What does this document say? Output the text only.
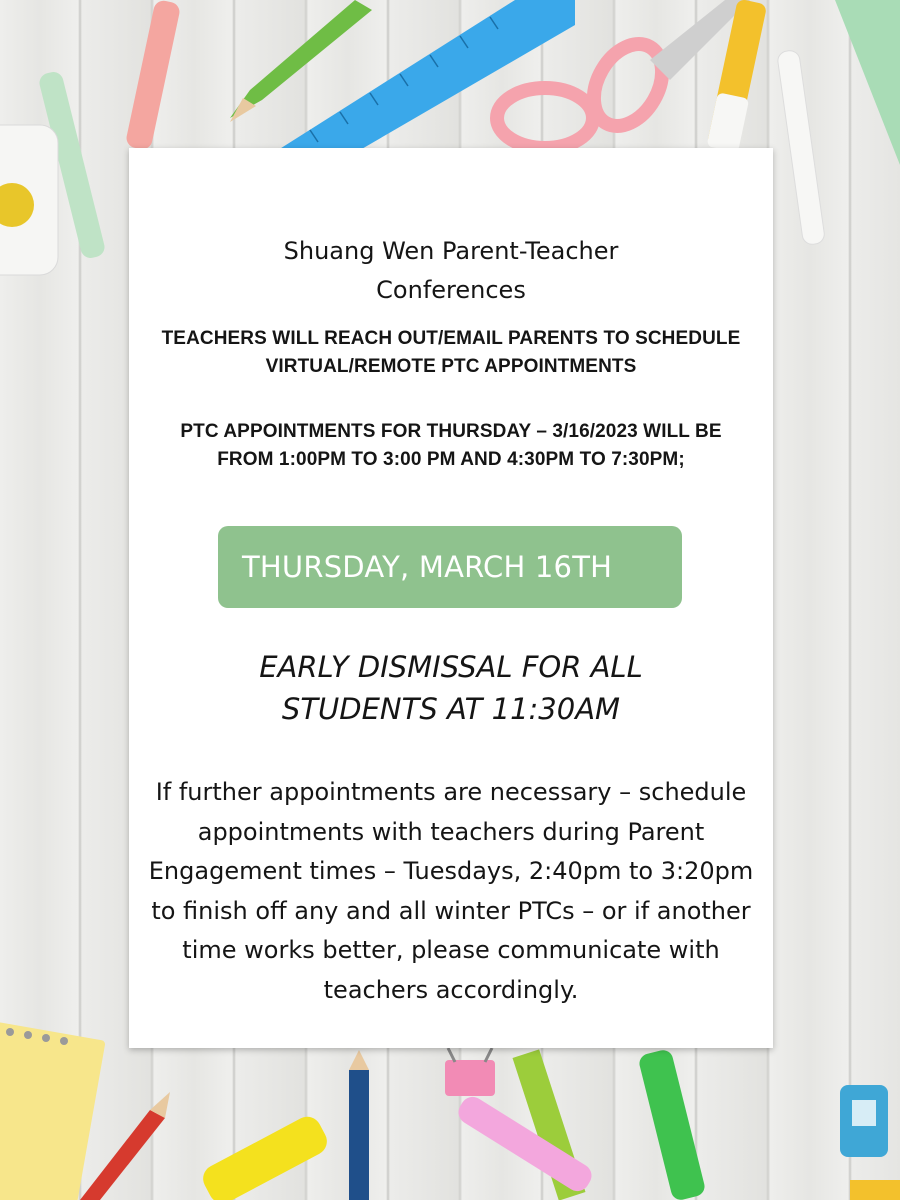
Shuang Wen Parent-Teacher
Conferences
TEACHERS WILL REACH OUT/EMAIL PARENTS TO SCHEDULE
VIRTUAL/REMOTE PTC APPOINTMENTS
PTC APPOINTMENTS FOR THURSDAY – 3/16/2023 WILL BE
FROM 1:00PM TO 3:00 PM AND 4:30PM TO 7:30PM;
THURSDAY, MARCH 16TH
EARLY DISMISSAL FOR ALL
STUDENTS AT 11:30AM
If further appointments are necessary – schedule
appointments with teachers during Parent
Engagement times – Tuesdays, 2:40pm to 3:20pm
to finish off any and all winter PTCs – or if another
time works better, please communicate with
teachers accordingly.
